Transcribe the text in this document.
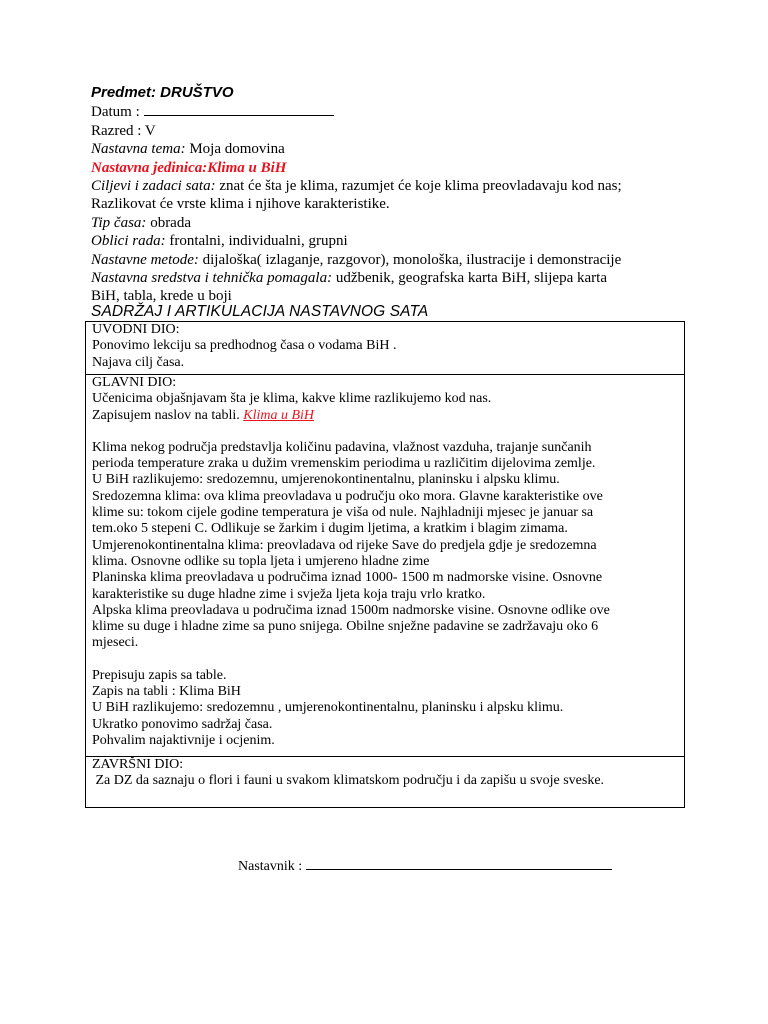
Predmet: DRUŠTVO
Datum :
Razred : V
Nastavna tema: Moja domovina
Nastavna jedinica:Klima u BiH
Ciljevi i zadaci sata: znat će šta je klima, razumjet će koje klima preovladavaju kod nas;
Razlikovat će vrste klima i njihove karakteristike.
Tip časa: obrada
Oblici rada: frontalni, individualni, grupni
Nastavne metode: dijaloška( izlaganje, razgovor), monološka, ilustracije i demonstracije
Nastavna sredstva i tehnička pomagala: udžbenik, geografska karta BiH, slijepa karta
BiH, tabla, krede u boji
SADRŽAJ I ARTIKULACIJA NASTAVNOG SATA
UVODNI DIO:
Ponovimo lekciju sa predhodnog časa o vodama BiH .
Najava cilj časa.
GLAVNI DIO:
Učenicima objašnjavam šta je klima, kakve klime razlikujemo kod nas.
Zapisujem naslov na tabli. Klima u BiH
Klima nekog područja predstavlja količinu padavina, vlažnost vazduha, trajanje sunčanih
perioda temperature zraka u dužim vremenskim periodima u različitim dijelovima zemlje.
U BiH razlikujemo: sredozemnu, umjerenokontinentalnu, planinsku i alpsku klimu.
Sredozemna klima: ova klima preovladava u području oko mora. Glavne karakteristike ove
klime su: tokom cijele godine temperatura je viša od nule. Najhladniji mjesec je januar sa
tem.oko 5 stepeni C. Odlikuje se žarkim i dugim ljetima, a kratkim i blagim zimama.
Umjerenokontinentalna klima: preovladava od rijeke Save do predjela gdje je sredozemna
klima. Osnovne odlike su topla ljeta i umjereno hladne zime
Planinska klima preovladava u područima iznad 1000- 1500 m nadmorske visine. Osnovne
karakteristike su duge hladne zime i svježa ljeta koja traju vrlo kratko.
Alpska klima preovladava u područima iznad 1500m nadmorske visine. Osnovne odlike ove
klime su duge i hladne zime sa puno snijega. Obilne snježne padavine se zadržavaju oko 6
mjeseci.
Prepisuju zapis sa table.
Zapis na tabli : Klima BiH
U BiH razlikujemo: sredozemnu , umjerenokontinentalnu, planinsku i alpsku klimu.
Ukratko ponovimo sadržaj časa.
Pohvalim najaktivnije i ocjenim.
ZAVRŠNI DIO:
Za DZ da saznaju o flori i fauni u svakom klimatskom području i da zapišu u svoje sveske.
Nastavnik :
